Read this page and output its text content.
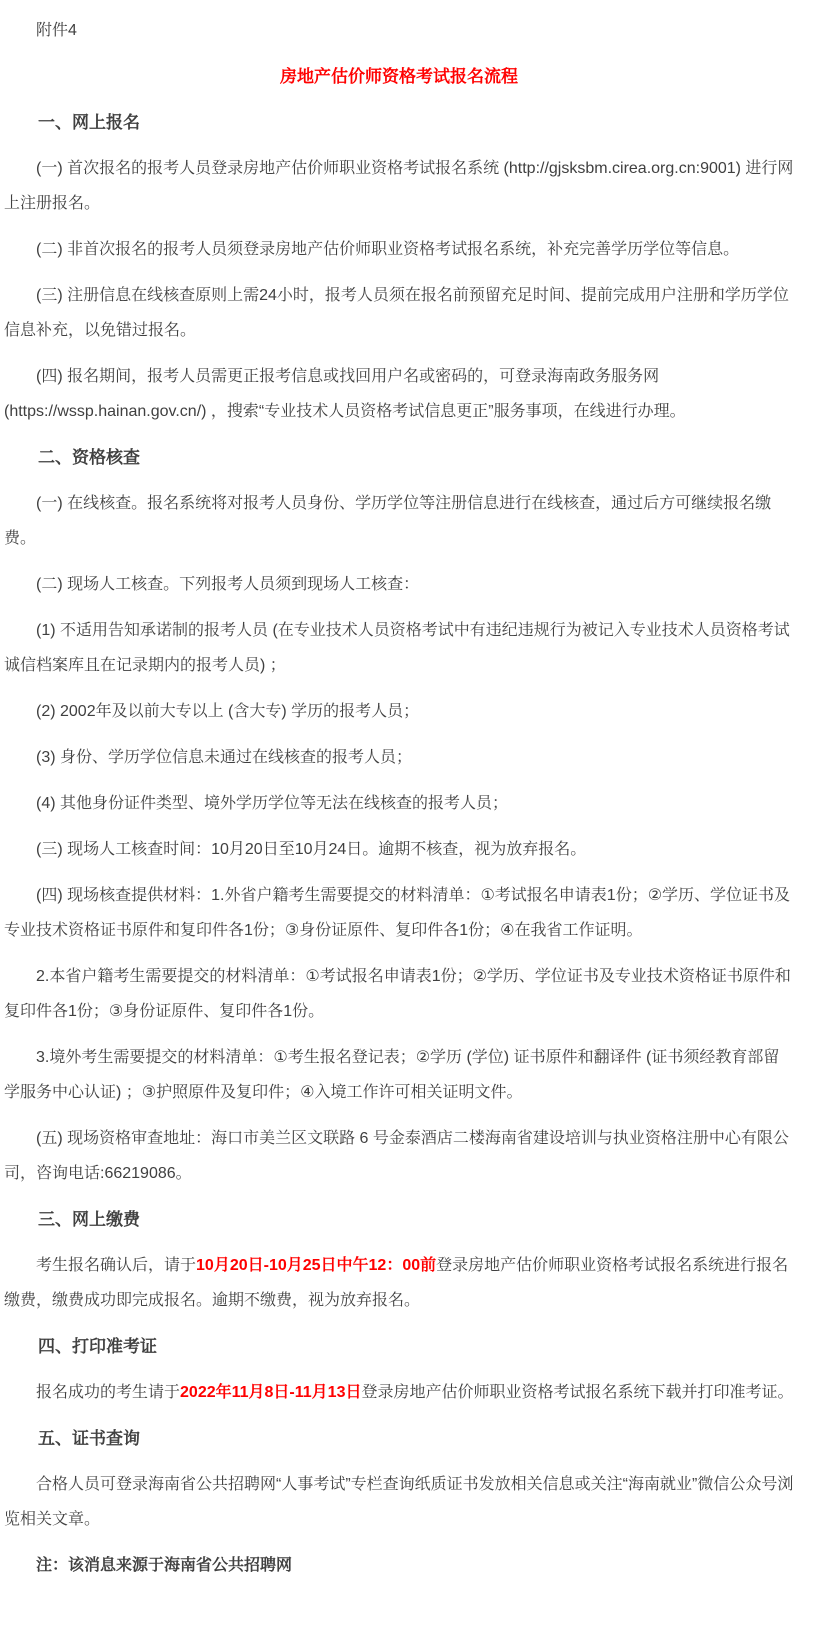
附件4

房地产估价师资格考试报名流程

一、网上报名

(一) 首次报名的报考人员登录房地产估价师职业资格考试报名系统 (http://gjsksbm.cirea.org.cn:9001) 进行网上注册报名。

(二) 非首次报名的报考人员须登录房地产估价师职业资格考试报名系统，补充完善学历学位等信息。

(三) 注册信息在线核查原则上需24小时，报考人员须在报名前预留充足时间、提前完成用户注册和学历学位信息补充，以免错过报名。

(四) 报名期间，报考人员需更正报考信息或找回用户名或密码的，可登录海南政务服务网 (https://wssp.hainan.gov.cn/) ，搜索“专业技术人员资格考试信息更正”服务事项，在线进行办理。

二、资格核查

(一) 在线核查。报名系统将对报考人员身份、学历学位等注册信息进行在线核查，通过后方可继续报名缴费。

(二) 现场人工核查。下列报考人员须到现场人工核查：

(1) 不适用告知承诺制的报考人员 (在专业技术人员资格考试中有违纪违规行为被记入专业技术人员资格考试诚信档案库且在记录期内的报考人员) ；

(2) 2002年及以前大专以上 (含大专) 学历的报考人员；

(3) 身份、学历学位信息未通过在线核查的报考人员；

(4) 其他身份证件类型、境外学历学位等无法在线核查的报考人员；

(三) 现场人工核查时间：10月20日至10月24日。逾期不核查，视为放弃报名。

(四) 现场核查提供材料：1.外省户籍考生需要提交的材料清单：①考试报名申请表1份；②学历、学位证书及专业技术资格证书原件和复印件各1份；③身份证原件、复印件各1份；④在我省工作证明。

2.本省户籍考生需要提交的材料清单：①考试报名申请表1份；②学历、学位证书及专业技术资格证书原件和复印件各1份；③身份证原件、复印件各1份。

3.境外考生需要提交的材料清单：①考生报名登记表；②学历 (学位) 证书原件和翻译件 (证书须经教育部留学服务中心认证) ；③护照原件及复印件；④入境工作许可相关证明文件。

(五) 现场资格审查地址：海口市美兰区文联路 6 号金泰酒店二楼海南省建设培训与执业资格注册中心有限公司，咨询电话:66219086。

三、网上缴费

考生报名确认后，请于10月20日-10月25日中午12：00前登录房地产估价师职业资格考试报名系统进行报名缴费，缴费成功即完成报名。逾期不缴费，视为放弃报名。

四、打印准考证

报名成功的考生请于2022年11月8日-11月13日登录房地产估价师职业资格考试报名系统下载并打印准考证。

五、证书查询

合格人员可登录海南省公共招聘网“人事考试”专栏查询纸质证书发放相关信息或关注“海南就业”微信公众号浏览相关文章。

注：该消息来源于海南省公共招聘网
